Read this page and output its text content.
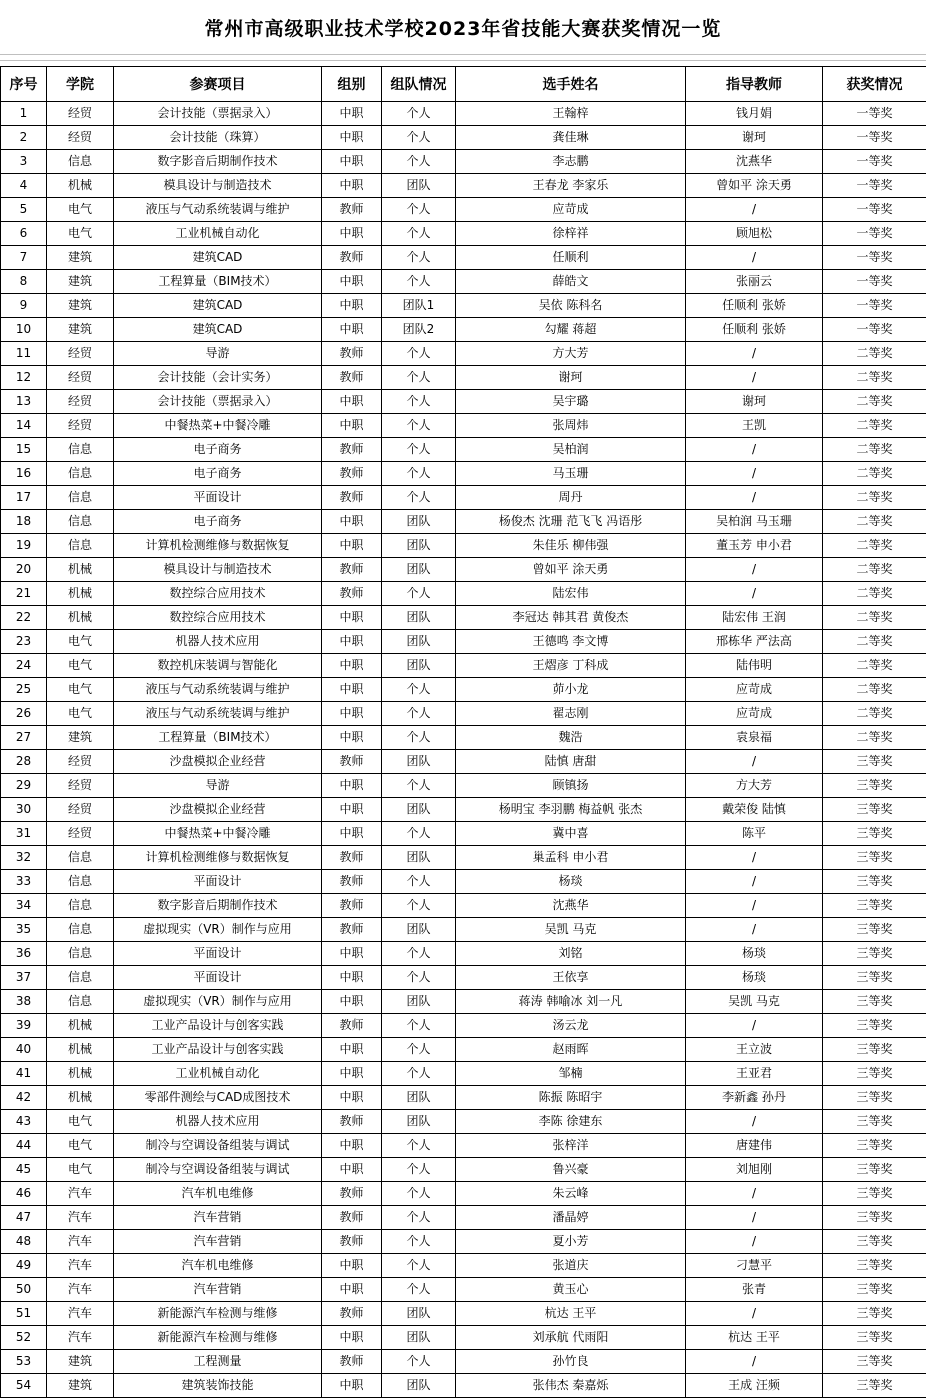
常州市高级职业技术学校2023年省技能大赛获奖情况一览
序号	学院	参赛项目	组别	组队情况	选手姓名	指导教师	获奖情况
1	经贸	会计技能（票据录入）	中职	个人	王翰梓	钱月娟	一等奖
2	经贸	会计技能（珠算）	中职	个人	龚佳琳	谢珂	一等奖
3	信息	数字影音后期制作技术	中职	个人	李志鹏	沈燕华	一等奖
4	机械	模具设计与制造技术	中职	团队	王春龙 李家乐	曾如平 涂天勇	一等奖
5	电气	液压与气动系统装调与维护	教师	个人	应苛成	/	一等奖
6	电气	工业机械自动化	中职	个人	徐梓祥	顾旭松	一等奖
7	建筑	建筑CAD	教师	个人	任顺利	/	一等奖
8	建筑	工程算量（BIM技术）	中职	个人	薛皓文	张丽云	一等奖
9	建筑	建筑CAD	中职	团队1	吴依 陈科名	任顺利 张娇	一等奖
10	建筑	建筑CAD	中职	团队2	勾耀 蒋超	任顺利 张娇	一等奖
11	经贸	导游	教师	个人	方大芳	/	二等奖
12	经贸	会计技能（会计实务）	教师	个人	谢珂	/	二等奖
13	经贸	会计技能（票据录入）	中职	个人	吴宇璐	谢珂	二等奖
14	经贸	中餐热菜+中餐冷雕	中职	个人	张周炜	王凯	二等奖
15	信息	电子商务	教师	个人	吴柏润	/	二等奖
16	信息	电子商务	教师	个人	马玉珊	/	二等奖
17	信息	平面设计	教师	个人	周丹	/	二等奖
18	信息	电子商务	中职	团队	杨俊杰 沈珊 范飞飞 冯语彤	吴柏润 马玉珊	二等奖
19	信息	计算机检测维修与数据恢复	中职	团队	朱佳乐 柳伟强	董玉芳 申小君	二等奖
20	机械	模具设计与制造技术	教师	团队	曾如平 涂天勇	/	二等奖
21	机械	数控综合应用技术	教师	个人	陆宏伟	/	二等奖
22	机械	数控综合应用技术	中职	团队	李冠达 韩其君 黄俊杰	陆宏伟 王润	二等奖
23	电气	机器人技术应用	中职	团队	王德鸣 李文博	邢栋华 严法高	二等奖
24	电气	数控机床装调与智能化	中职	团队	王熠彦 丁科成	陆伟明	二等奖
25	电气	液压与气动系统装调与维护	中职	个人	茆小龙	应苛成	二等奖
26	电气	液压与气动系统装调与维护	中职	个人	翟志刚	应苛成	二等奖
27	建筑	工程算量（BIM技术）	中职	个人	魏浩	袁泉福	二等奖
28	经贸	沙盘模拟企业经营	教师	团队	陆慎 唐甜	/	三等奖
29	经贸	导游	中职	个人	顾镇扬	方大芳	三等奖
30	经贸	沙盘模拟企业经营	中职	团队	杨明宝 李羽鹏 梅益帆 张杰	戴荣俊 陆慎	三等奖
31	经贸	中餐热菜+中餐冷雕	中职	个人	冀中喜	陈平	三等奖
32	信息	计算机检测维修与数据恢复	教师	团队	巢孟科 申小君	/	三等奖
33	信息	平面设计	教师	个人	杨琰	/	三等奖
34	信息	数字影音后期制作技术	教师	个人	沈燕华	/	三等奖
35	信息	虚拟现实（VR）制作与应用	教师	团队	吴凯 马克	/	三等奖
36	信息	平面设计	中职	个人	刘铭	杨琰	三等奖
37	信息	平面设计	中职	个人	王依享	杨琰	三等奖
38	信息	虚拟现实（VR）制作与应用	中职	团队	蒋涛 韩喻冰 刘一凡	吴凯 马克	三等奖
39	机械	工业产品设计与创客实践	教师	个人	汤云龙	/	三等奖
40	机械	工业产品设计与创客实践	中职	个人	赵雨晖	王立波	三等奖
41	机械	工业机械自动化	中职	个人	邹楠	王亚君	三等奖
42	机械	零部件测绘与CAD成图技术	中职	团队	陈振 陈昭宇	李新鑫 孙丹	三等奖
43	电气	机器人技术应用	教师	团队	李陈 徐建东	/	三等奖
44	电气	制冷与空调设备组装与调试	中职	个人	张梓洋	唐建伟	三等奖
45	电气	制冷与空调设备组装与调试	中职	个人	鲁兴豪	刘旭刚	三等奖
46	汽车	汽车机电维修	教师	个人	朱云峰	/	三等奖
47	汽车	汽车营销	教师	个人	潘晶婷	/	三等奖
48	汽车	汽车营销	教师	个人	夏小芳	/	三等奖
49	汽车	汽车机电维修	中职	个人	张道庆	刁慧平	三等奖
50	汽车	汽车营销	中职	个人	黄玉心	张青	三等奖
51	汽车	新能源汽车检测与维修	教师	团队	杭达 王平	/	三等奖
52	汽车	新能源汽车检测与维修	中职	团队	刘承航 代雨阳	杭达 王平	三等奖
53	建筑	工程测量	教师	个人	孙竹良	/	三等奖
54	建筑	建筑装饰技能	中职	团队	张伟杰 秦嘉烁	王成 汪频	三等奖
